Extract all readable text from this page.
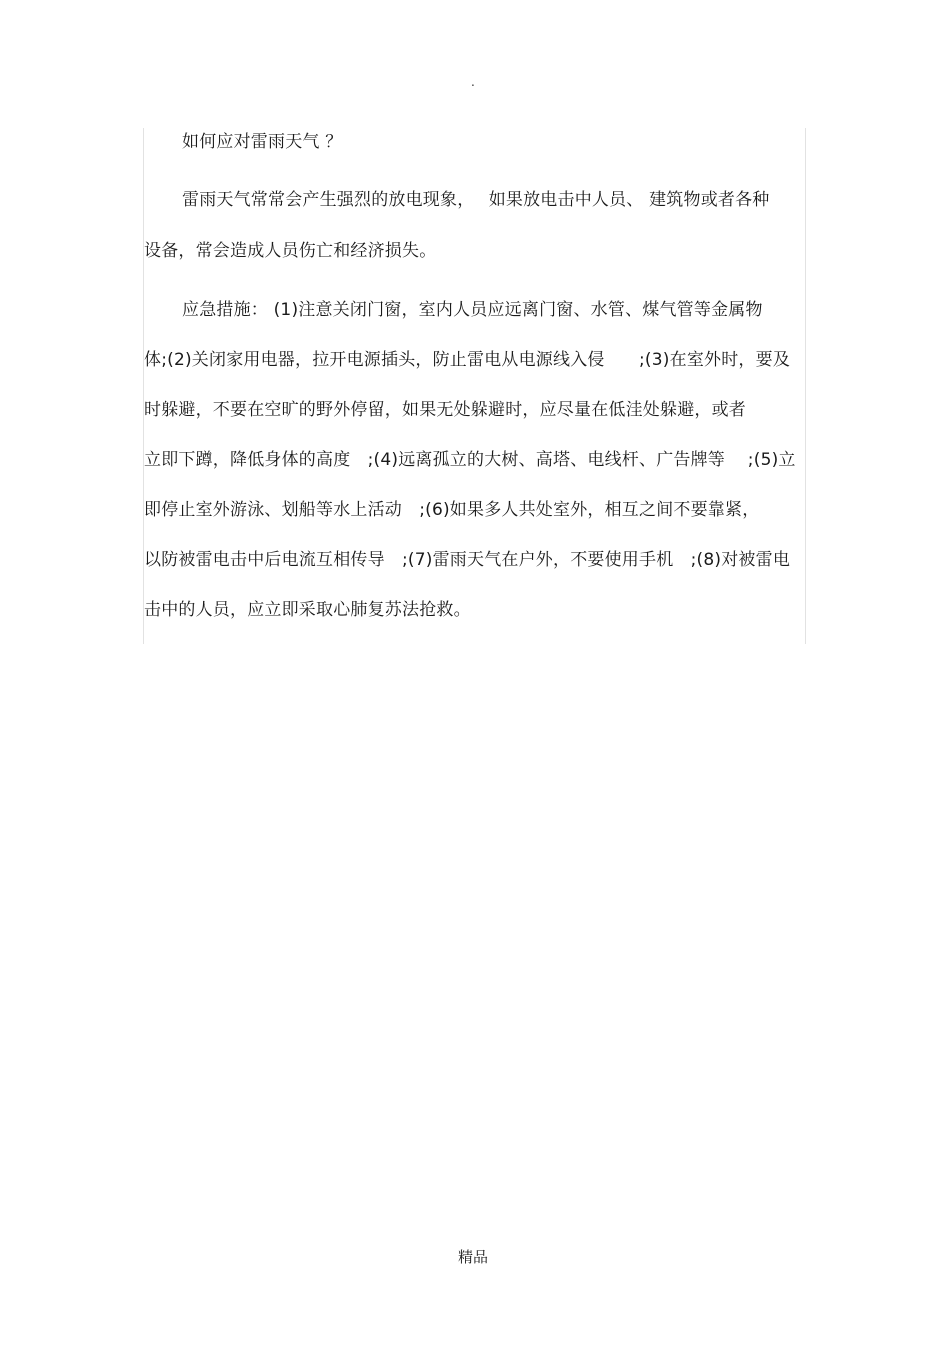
.
如何应对雷雨天气 ？
雷雨天气常常会产生强烈的放电现象，　 如果放电击中人员、 建筑物或者各种
设备，常会造成人员伤亡和经济损失。
应急措施： (1)注意关闭门窗，室内人员应远离门窗、水管、煤气管等金属物
体;(2)关闭家用电器，拉开电源插头，防止雷电从电源线入侵　　;(3)在室外时，要及
时躲避，不要在空旷的野外停留，如果无处躲避时，应尽量在低洼处躲避，或者
立即下蹲，降低身体的高度　;(4)远离孤立的大树、高塔、电线杆、广告牌等　 ;(5)立
即停止室外游泳、划船等水上活动　;(6)如果多人共处室外，相互之间不要靠紧，
以防被雷电击中后电流互相传导　;(7)雷雨天气在户外，不要使用手机　;(8)对被雷电
击中的人员，应立即采取心肺复苏法抢救。
精品
